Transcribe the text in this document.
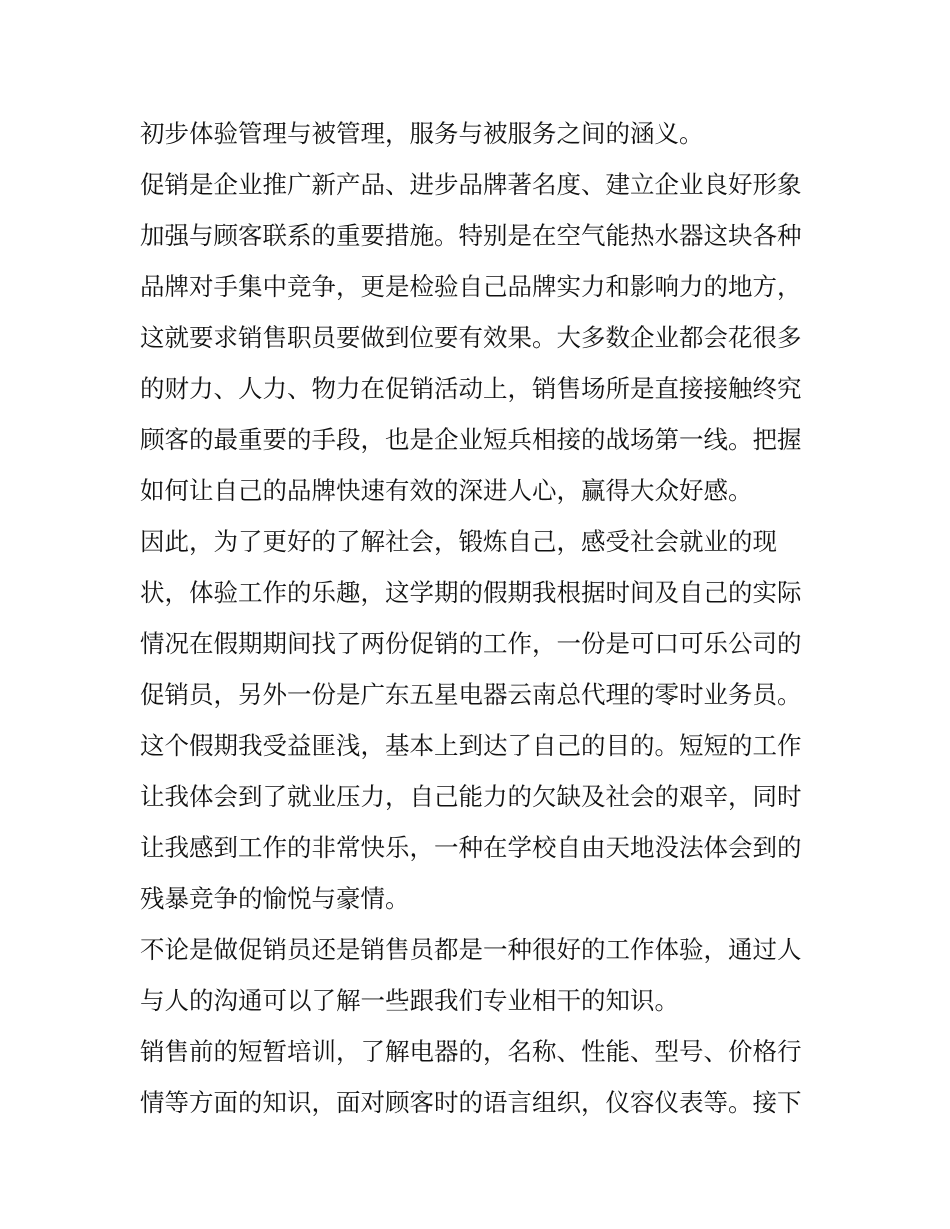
初步体验管理与被管理，服务与被服务之间的涵义。
促销是企业推广新产品、进步品牌著名度、建立企业良好形象
加强与顾客联系的重要措施。特别是在空气能热水器这块各种
品牌对手集中竞争，更是检验自己品牌实力和影响力的地方，
这就要求销售职员要做到位要有效果。大多数企业都会花很多
的财力、人力、物力在促销活动上，销售场所是直接接触终究
顾客的最重要的手段，也是企业短兵相接的战场第一线。把握
如何让自己的品牌快速有效的深进人心，赢得大众好感。
因此，为了更好的了解社会，锻炼自己，感受社会就业的现
状，体验工作的乐趣，这学期的假期我根据时间及自己的实际
情况在假期期间找了两份促销的工作，一份是可口可乐公司的
促销员，另外一份是广东五星电器云南总代理的零时业务员。
这个假期我受益匪浅，基本上到达了自己的目的。短短的工作
让我体会到了就业压力，自己能力的欠缺及社会的艰辛，同时
让我感到工作的非常快乐，一种在学校自由天地没法体会到的
残暴竞争的愉悦与豪情。
不论是做促销员还是销售员都是一种很好的工作体验，通过人
与人的沟通可以了解一些跟我们专业相干的知识。
销售前的短暂培训，了解电器的，名称、性能、型号、价格行
情等方面的知识，面对顾客时的语言组织，仪容仪表等。接下
